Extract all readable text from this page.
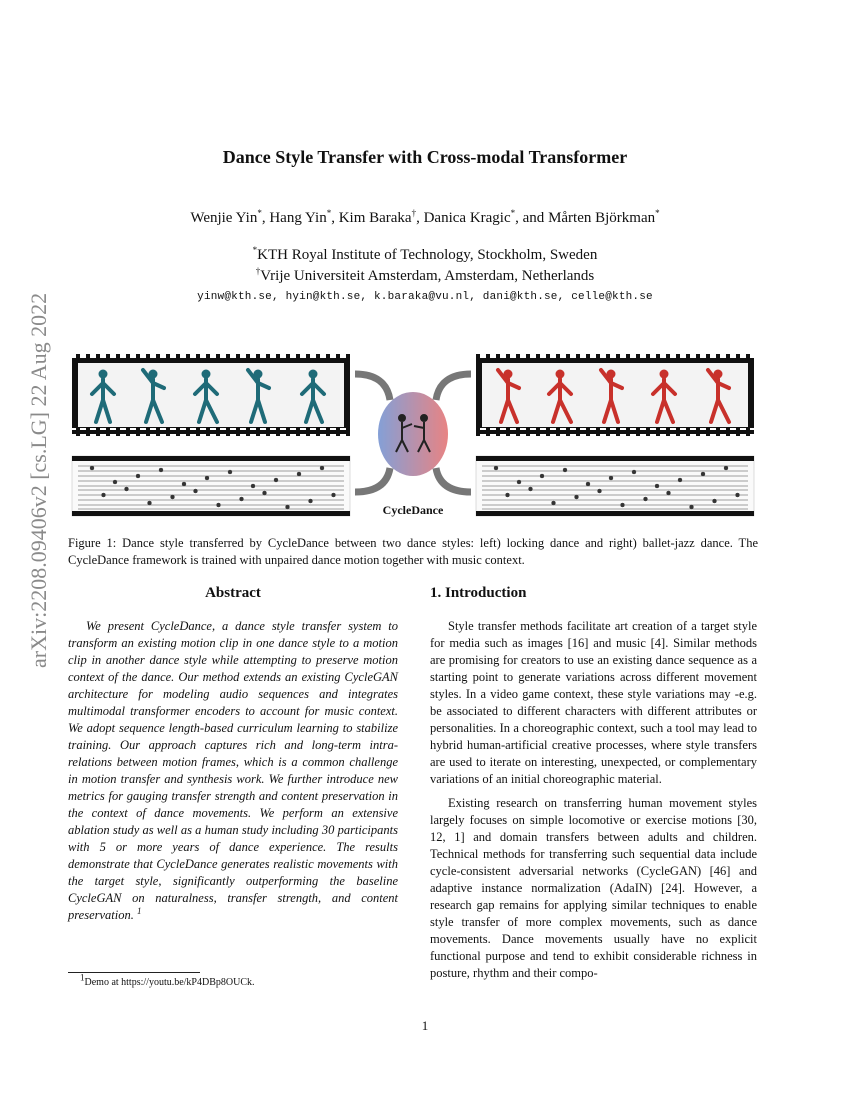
arXiv:2208.09406v2 [cs.LG] 22 Aug 2022
Dance Style Transfer with Cross-modal Transformer
Wenjie Yin*, Hang Yin*, Kim Baraka†, Danica Kragic*, and Mårten Björkman*
*KTH Royal Institute of Technology, Stockholm, Sweden
†Vrije Universiteit Amsterdam, Amsterdam, Netherlands
yinw@kth.se, hyin@kth.se, k.baraka@vu.nl, dani@kth.se, celle@kth.se
CycleDance
Figure 1: Dance style transferred by CycleDance between two dance styles: left) locking dance and right) ballet-jazz dance. The CycleDance framework is trained with unpaired dance motion together with music context.
Abstract

We present CycleDance, a dance style transfer system to transform an existing motion clip in one dance style to a motion clip in another dance style while attempting to preserve motion context of the dance. Our method extends an existing CycleGAN architecture for modeling audio sequences and integrates multimodal transformer encoders to account for music context. We adopt sequence length-based curriculum learning to stabilize training. Our approach captures rich and long-term intra-relations between motion frames, which is a common challenge in motion transfer and synthesis work. We further introduce new metrics for gauging transfer strength and content preservation in the context of dance movements. We perform an extensive ablation study as well as a human study including 30 participants with 5 or more years of dance experience. The results demonstrate that CycleDance generates realistic movements with the target style, significantly outperforming the baseline CycleGAN on naturalness, transfer strength, and content preservation. $^1$

1. Introduction

Style transfer methods facilitate art creation of a target style for media such as images [16] and music [4]. Similar methods are promising for creators to use an existing dance sequence as a starting point to generate variations across different movement styles. In a video game context, these style variations may -e.g. be associated to different characters with different attributes or personalities. In a choreographic context, such a tool may lead to hybrid human-artificial creative processes, where style transfers are used to iterate on interesting, unexpected, or complementary variations of an initial choreographic material.

Existing research on transferring human movement styles largely focuses on simple locomotive or exercise motions [30, 12, 1] and domain transfers between adults and children. Technical methods for transferring such sequential data include cycle-consistent adversarial networks (CycleGAN) [46] and adaptive instance normalization (AdaIN) [24]. However, a research gap remains for applying similar techniques to enable style transfer of more complex movements, such as dance movements. Dance movements usually have no explicit functional purpose and tend to exhibit considerable richness in posture, rhythm and their compo-

$^1$Demo at https://youtu.be/kP4DBp8OUCk.
1
